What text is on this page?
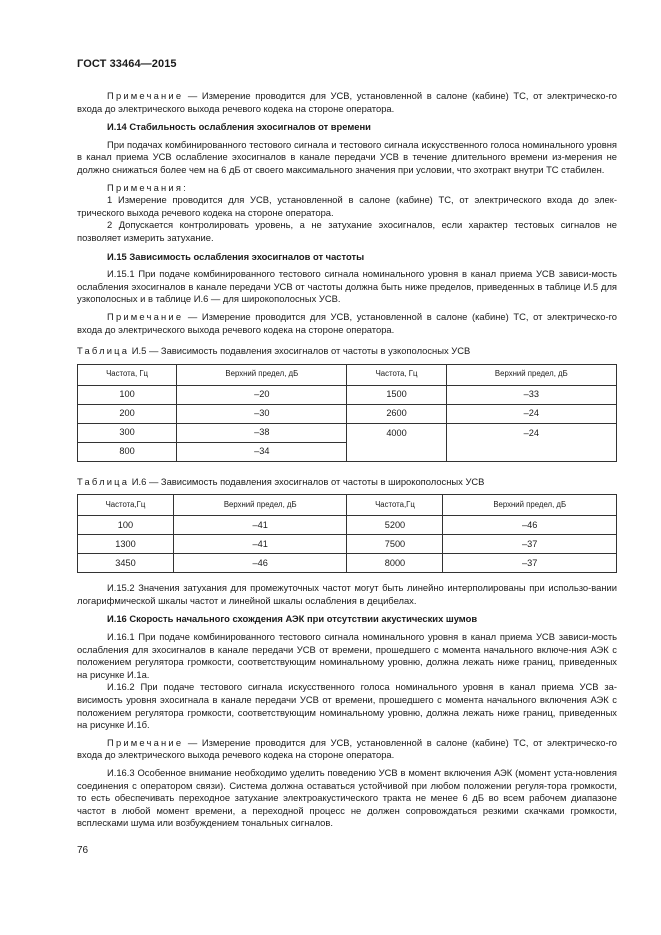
ГОСТ 33464—2015

Примечание — Измерение проводится для УСВ, установленной в салоне (кабине) ТС, от электрическо-го входа до электрического выхода речевого кодека на стороне оператора.

И.14 Стабильность ослабления эхосигналов от времени

При подачах комбинированного тестового сигнала и тестового сигнала искусственного голоса номинального уровня в канал приема УСВ ослабление эхосигналов в канале передачи УСВ в течение длительного времени из-мерения не должно снижаться более чем на 6 дБ от своего максимального значения при условии, что эхотракт внутри ТС стабилен.

Примечания:

1 Измерение проводится для УСВ, установленной в салоне (кабине) ТС, от электрического входа до элек-трического выхода речевого кодека на стороне оператора.

2 Допускается контролировать уровень, а не затухание эхосигналов, если характер тестовых сигналов не позволяет измерить затухание.

И.15 Зависимость ослабления эхосигналов от частоты

И.15.1 При подаче комбинированного тестового сигнала номинального уровня в канал приема УСВ зависи-мость ослабления эхосигналов в канале передачи УСВ от частоты должна быть ниже пределов, приведенных в таблице И.5 для узкополосных и в таблице И.6 — для широкополосных УСВ.

Примечание — Измерение проводится для УСВ, установленной в салоне (кабине) ТС, от электрическо-го входа до электрического выхода речевого кодека на стороне оператора.

Таблица И.5 — Зависимость подавления эхосигналов от частоты в узкополосных УСВ

Частота, Гц	Верхний предел, дБ	Частота, Гц	Верхний предел, дБ
100	–20	1500	–33
200	–30	2600	–24
300	–38	4000	–24
800	–34		

Таблица И.6 — Зависимость подавления эхосигналов от частоты в широкополосных УСВ

Частота,Гц	Верхний предел, дБ	Частота,Гц	Верхний предел, дБ
100	–41	5200	–46
1300	–41	7500	–37
3450	–46	8000	–37

И.15.2 Значения затухания для промежуточных частот могут быть линейно интерполированы при использо-вании логарифмической шкалы частот и линейной шкалы ослабления в децибелах.

И.16 Скорость начального схождения АЭК при отсутствии акустических шумов

И.16.1 При подаче комбинированного тестового сигнала номинального уровня в канал приема УСВ зависи-мость ослабления для эхосигналов в канале передачи УСВ от времени, прошедшего с момента начального включе-ния АЭК с положением регулятора громкости, соответствующим номинальному уровню, должна лежать ниже границ, приведенных на рисунке И.1а.

И.16.2 При подаче тестового сигнала искусственного голоса номинального уровня в канал приема УСВ за-висимость уровня эхосигнала в канале передачи УСВ от времени, прошедшего с момента начального включения АЭК с положением регулятора громкости, соответствующим номинальному уровню, должна лежать ниже границ, приведенных на рисунке И.1б.

Примечание — Измерение проводится для УСВ, установленной в салоне (кабине) ТС, от электрическо-го входа до электрического выхода речевого кодека на стороне оператора.

И.16.3 Особенное внимание необходимо уделить поведению УСВ в момент включения АЭК (момент уста-новления соединения с оператором связи). Система должна оставаться устойчивой при любом положении регуля-тора громкости, то есть обеспечивать переходное затухание электроакустического тракта не менее 6 дБ во всем рабочем диапазоне частот в любой момент времени, а переходной процесс не должен сопровождаться резкими скачками громкости, всплесками шума или возбуждением тональных сигналов.

76
